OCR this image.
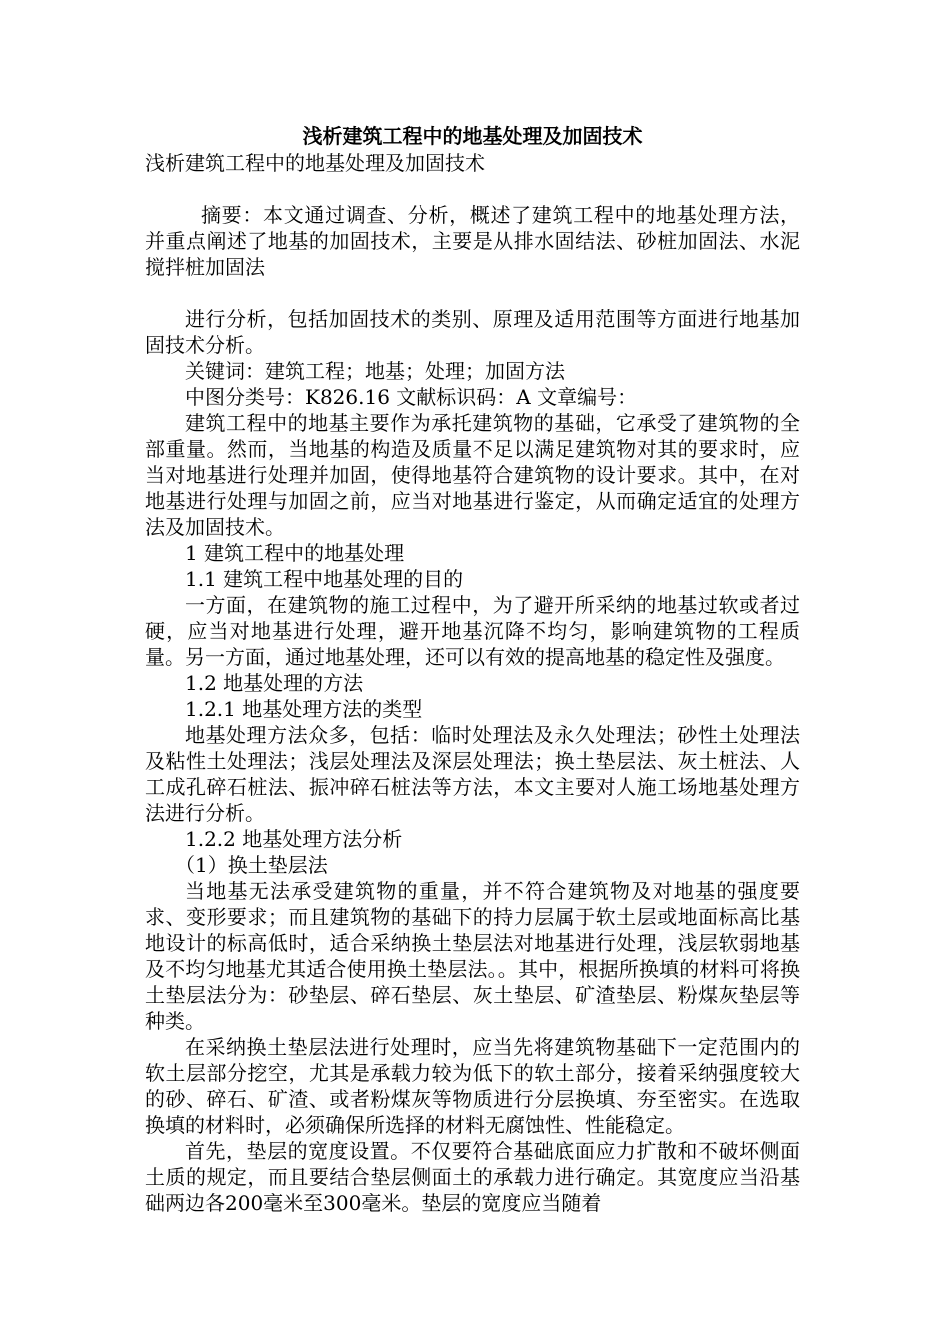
浅析建筑工程中的地基处理及加固技术

浅析建筑工程中的地基处理及加固技术

摘要：本文通过调查、分析，概述了建筑工程中的地基处理方法，并重点阐述了地基的加固技术，主要是从排水固结法、砂桩加固法、水泥搅拌桩加固法

进行分析，包括加固技术的类别、原理及适用范围等方面进行地基加固技术分析。

关键词：建筑工程；地基；处理；加固方法

中图分类号：K826.16 文献标识码：A 文章编号：

建筑工程中的地基主要作为承托建筑物的基础，它承受了建筑物的全部重量。然而，当地基的构造及质量不足以满足建筑物对其的要求时，应当对地基进行处理并加固，使得地基符合建筑物的设计要求。其中，在对地基进行处理与加固之前，应当对地基进行鉴定，从而确定适宜的处理方法及加固技术。

1 建筑工程中的地基处理

1.1 建筑工程中地基处理的目的

一方面，在建筑物的施工过程中，为了避开所采纳的地基过软或者过硬，应当对地基进行处理，避开地基沉降不均匀，影响建筑物的工程质量。另一方面，通过地基处理，还可以有效的提高地基的稳定性及强度。

1.2 地基处理的方法

1.2.1 地基处理方法的类型

地基处理方法众多，包括：临时处理法及永久处理法；砂性土处理法及粘性土处理法；浅层处理法及深层处理法；换土垫层法、灰土桩法、人工成孔碎石桩法、振冲碎石桩法等方法，本文主要对人施工场地基处理方法进行分析。

1.2.2 地基处理方法分析

（1）换土垫层法

当地基无法承受建筑物的重量，并不符合建筑物及对地基的强度要求、变形要求；而且建筑物的基础下的持力层属于软土层或地面标高比基地设计的标高低时，适合采纳换土垫层法对地基进行处理，浅层软弱地基及不均匀地基尤其适合使用换土垫层法。。其中，根据所换填的材料可将换土垫层法分为：砂垫层、碎石垫层、灰土垫层、矿渣垫层、粉煤灰垫层等种类。

在采纳换土垫层法进行处理时，应当先将建筑物基础下一定范围内的软土层部分挖空，尤其是承载力较为低下的软土部分，接着采纳强度较大的砂、碎石、矿渣、或者粉煤灰等物质进行分层换填、夯至密实。在选取换填的材料时，必须确保所选择的材料无腐蚀性、性能稳定。

首先，垫层的宽度设置。不仅要符合基础底面应力扩散和不破坏侧面土质的规定，而且要结合垫层侧面土的承载力进行确定。其宽度应当沿基础两边各200毫米至300毫米。垫层的宽度应当随着
